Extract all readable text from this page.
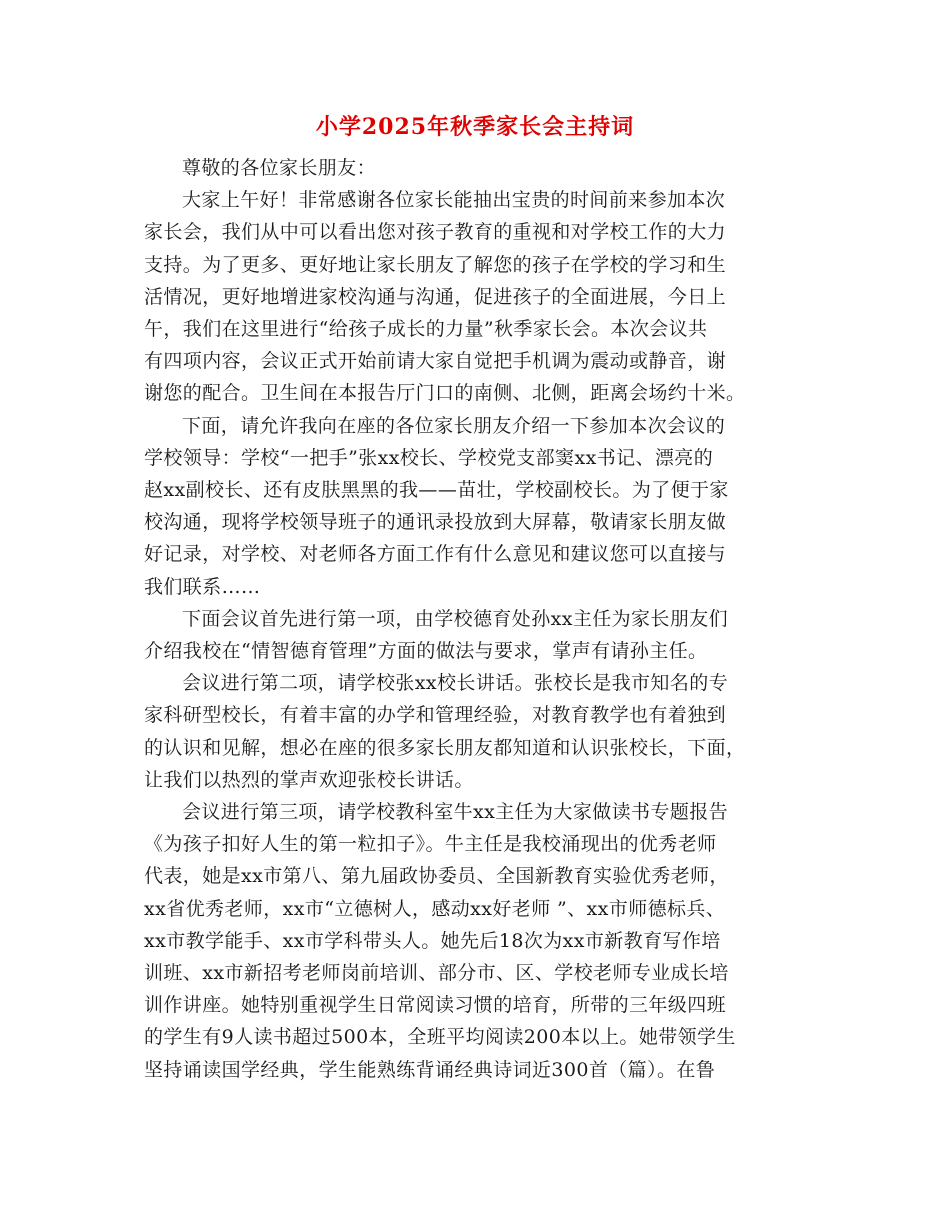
小学2025年秋季家长会主持词

尊敬的各位家长朋友：

大家上午好！非常感谢各位家长能抽出宝贵的时间前来参加本次
家长会，我们从中可以看出您对孩子教育的重视和对学校工作的大力
支持。为了更多、更好地让家长朋友了解您的孩子在学校的学习和生
活情况，更好地增进家校沟通与沟通，促进孩子的全面进展，今日上
午，我们在这里进行“给孩子成长的力量”秋季家长会。本次会议共
有四项内容，会议正式开始前请大家自觉把手机调为震动或静音，谢
谢您的配合。卫生间在本报告厅门口的南侧、北侧，距离会场约十米。

下面，请允许我向在座的各位家长朋友介绍一下参加本次会议的
学校领导：学校“一把手”张xx校长、学校党支部窦xx书记、漂亮的
赵xx副校长、还有皮肤黑黑的我——苗壮，学校副校长。为了便于家
校沟通，现将学校领导班子的通讯录投放到大屏幕，敬请家长朋友做
好记录，对学校、对老师各方面工作有什么意见和建议您可以直接与
我们联系……

下面会议首先进行第一项，由学校德育处孙xx主任为家长朋友们
介绍我校在“情智德育管理”方面的做法与要求，掌声有请孙主任。

会议进行第二项，请学校张xx校长讲话。张校长是我市知名的专
家科研型校长，有着丰富的办学和管理经验，对教育教学也有着独到
的认识和见解，想必在座的很多家长朋友都知道和认识张校长，下面，
让我们以热烈的掌声欢迎张校长讲话。

会议进行第三项，请学校教科室牛xx主任为大家做读书专题报告
《为孩子扣好人生的第一粒扣子》。牛主任是我校涌现出的优秀老师
代表，她是xx市第八、第九届政协委员、全国新教育实验优秀老师，
xx省优秀老师，xx市“立德树人，感动xx好老师 ”、xx市师德标兵、
xx市教学能手、xx市学科带头人。她先后18次为xx市新教育写作培
训班、xx市新招考老师岗前培训、部分市、区、学校老师专业成长培
训作讲座。她特别重视学生日常阅读习惯的培育，所带的三年级四班
的学生有9人读书超过500本，全班平均阅读200本以上。她带领学生
坚持诵读国学经典，学生能熟练背诵经典诗词近300首（篇）。在鲁
